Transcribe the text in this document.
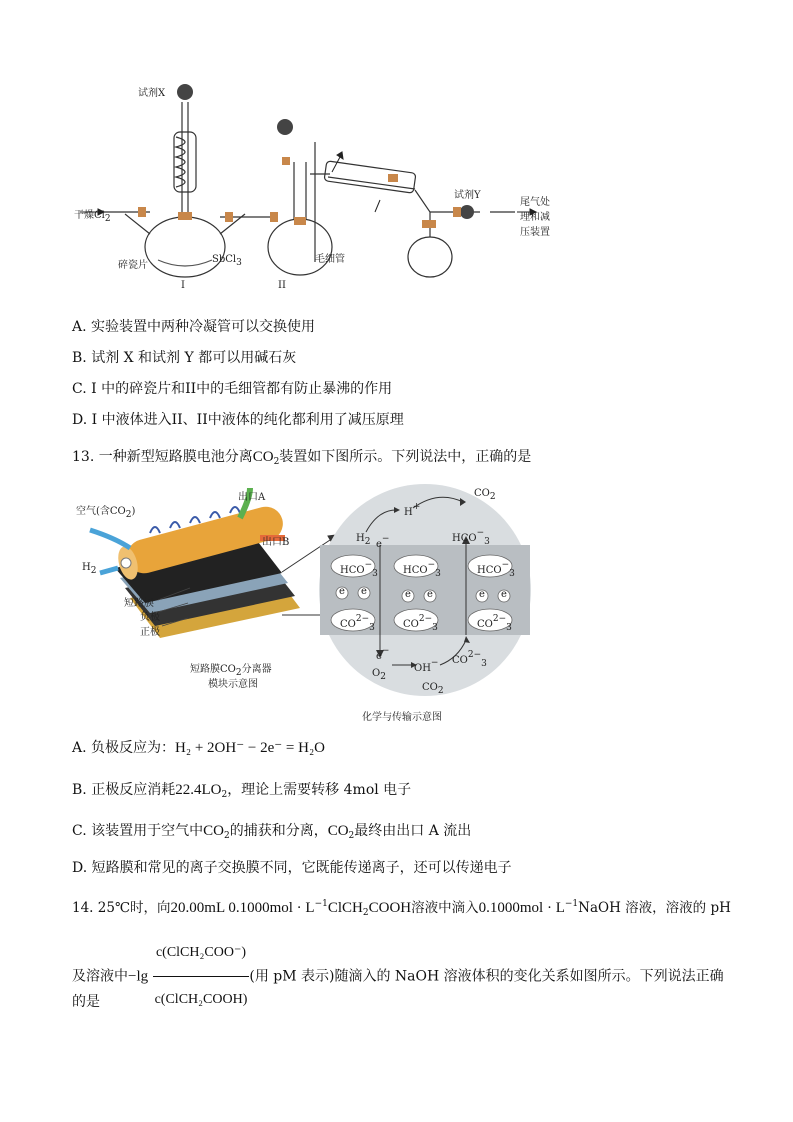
试剂X
干燥Cl2
碎瓷片
SbCl3	毛细管
试剂Y
尾气处
理和减
压装置
I	II
A. 实验装置中两种冷凝管可以交换使用
B. 试剂 X 和试剂 Y 都可以用碱石灰
C. I 中的碎瓷片和II中的毛细管都有防止暴沸的作用
D. I 中液体进入II、II中液体的纯化都利用了减压原理
13. 一种新型短路膜电池分离$CO_2$装置如下图所示。下列说法中，正确的是
空气(含CO2)
出口A
出口B
H2
短路膜
负极
正极
短路膜CO2分离器
模块示意图
H2 e−
H+
CO2
HCO−3
HCO−3	HCO−3	HCO−3
e e	e e	e e
CO2−3	CO2−3	CO2−3
e−
OH− CO2−3
O2
CO2
化学与传输示意图
A. 负极反应为：H₂ + 2OH⁻ − 2e⁻ = H₂O
B. 正极反应消耗$22.4LO_2$，理论上需要转移 4mol 电子
C. 该装置用于空气中$CO_2$的捕获和分离，$CO_2$最终由出口 A 流出
D. 短路膜和常见的离子交换膜不同，它既能传递离子，还可以传递电子
14. 25℃时，向20.00mL $0.1000mol \cdot L^{-1}ClCH_2COOH$溶液中滴入$0.1000mol \cdot L^{-1}NaOH$ 溶液，溶液的 pH
及溶液中$-\lg \frac{\text{c(ClCH₂COO⁻)}}{\text{c(ClCH₂COOH)}}$ (用 pM 表示)随滴入的 NaOH 溶液体积的变化关系如图所示。下列说法正确
的是
